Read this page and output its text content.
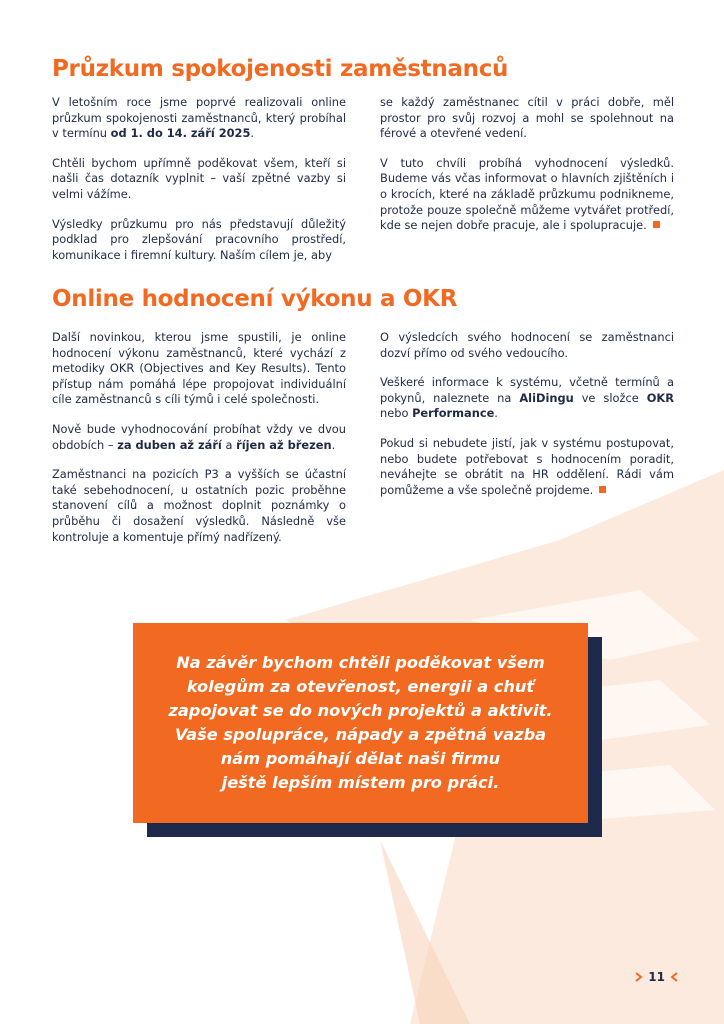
Průzkum spokojenosti zaměstnanců

V letošním roce jsme poprvé realizovali online průzkum spokojenosti zaměstnanců, který probíhal v termínu od 1. do 14. září 2025.

Chtěli bychom upřímně poděkovat všem, kteří si našli čas dotazník vyplnit – vaší zpětné vazby si velmi vážíme.

Výsledky průzkumu pro nás představují důležitý podklad pro zlepšování pracovního prostředí, komunikace i firemní kultury. Naším cílem je, aby

se každý zaměstnanec cítil v práci dobře, měl prostor pro svůj rozvoj a mohl se spolehnout na férové a otevřené vedení.

V tuto chvíli probíhá vyhodnocení výsledků. Budeme vás včas informovat o hlavních zjištěních i o krocích, které na základě průzkumu podnikneme, protože pouze společně můžeme vytvářet protředí, kde se nejen dobře pracuje, ale i spolupracuje.

Online hodnocení výkonu a OKR

Další novinkou, kterou jsme spustili, je online hodnocení výkonu zaměstnanců, které vychází z metodiky OKR (Objectives and Key Results). Tento přístup nám pomáhá lépe propojovat individuální cíle zaměstnanců s cíli týmů i celé společnosti.

Nově bude vyhodnocování probíhat vždy ve dvou obdobích – za duben až září a říjen až březen.

Zaměstnanci na pozicích P3 a vyšších se účastní také sebehodnocení, u ostatních pozic proběhne stanovení cílů a možnost doplnit poznámky o průběhu či dosažení výsledků. Následně vše kontroluje a komentuje přímý nadřízený.

O výsledcích svého hodnocení se zaměstnanci dozví přímo od svého vedoucího.

Veškeré informace k systému, včetně termínů a pokynů, naleznete na AliDingu ve složce OKR nebo Performance.

Pokud si nebudete jistí, jak v systému postupovat, nebo budete potřebovat s hodnocením poradit, neváhejte se obrátit na HR oddělení. Rádi vám pomůžeme a vše společně projdeme.

Na závěr bychom chtěli poděkovat všem
kolegům za otevřenost, energii a chuť
zapojovat se do nových projektů a aktivit.
Vaše spolupráce, nápady a zpětná vazba
nám pomáhají dělat naši firmu
ještě lepším místem pro práci.

11
